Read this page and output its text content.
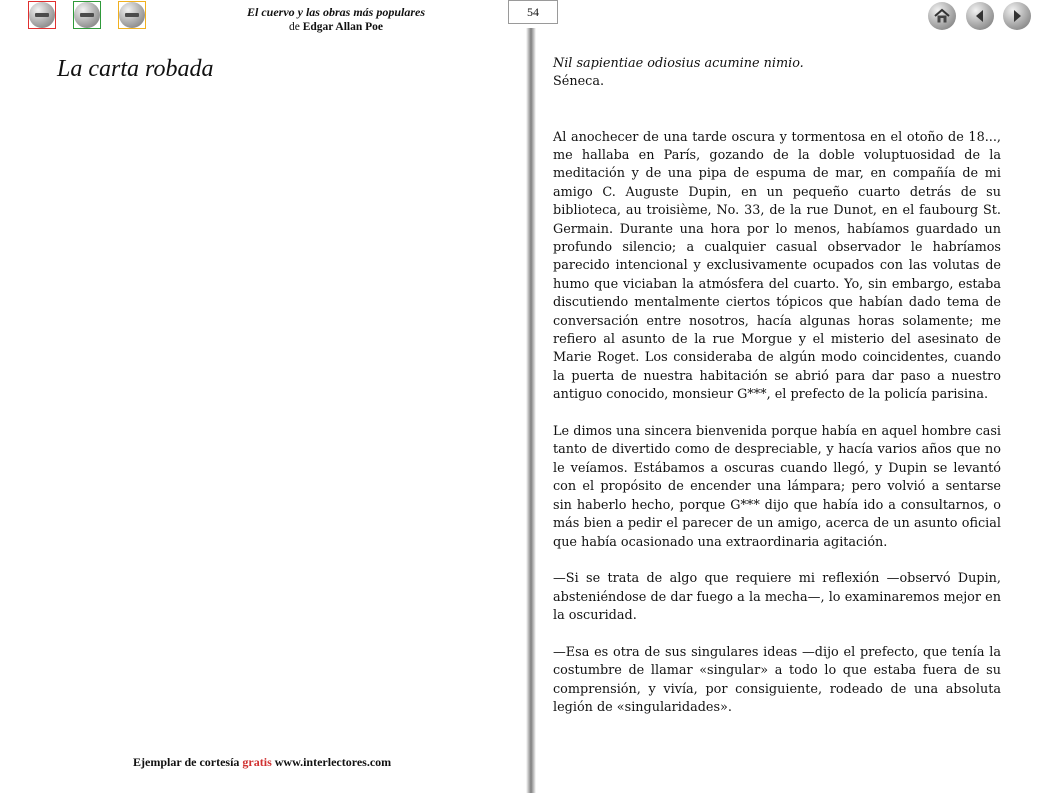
El cuervo y las obras más populares
de Edgar Allan Poe
54
La carta robada	Nil sapientiae odiosius acumine nimio.

Séneca.

Al anochecer de una tarde oscura y tormentosa en el otoño de 18..., me hallaba en París, gozando de la doble voluptuosidad de la meditación y de una pipa de espuma de mar, en compañía de mi amigo C. Auguste Dupin, en un pequeño cuarto detrás de su biblioteca, au troisième, No. 33, de la rue Dunot, en el faubourg St. Germain. Durante una hora por lo menos, habíamos guardado un profundo silencio; a cualquier casual observador le habríamos parecido intencional y exclusivamente ocupados con las volutas de humo que viciaban la atmósfera del cuarto. Yo, sin embargo, estaba discutiendo mentalmente ciertos tópicos que habían dado tema de conversación entre nosotros, hacía algunas horas solamente; me refiero al asunto de la rue Morgue y el misterio del asesinato de Marie Roget. Los consideraba de algún modo coincidentes, cuando la puerta de nuestra habitación se abrió para dar paso a nuestro antiguo conocido, monsieur G***, el prefecto de la policía parisina.

Le dimos una sincera bienvenida porque había en aquel hombre casi tanto de divertido como de despreciable, y hacía varios años que no le veíamos. Estábamos a oscuras cuando llegó, y Dupin se levantó con el propósito de encender una lámpara; pero volvió a sentarse sin haberlo hecho, porque G*** dijo que había ido a consultarnos, o más bien a pedir el parecer de un amigo, acerca de un asunto oficial que había ocasionado una extraordinaria agitación.

—Si se trata de algo que requiere mi reflexión —observó Dupin, absteniéndose de dar fuego a la mecha—, lo examinaremos mejor en la oscuridad.

—Esa es otra de sus singulares ideas —dijo el prefecto, que tenía la costumbre de llamar «singular» a todo lo que estaba fuera de su comprensión, y vivía, por consiguiente, rodeado de una absoluta legión de «singularidades».

Ejemplar de cortesía gratis www.interlectores.com
